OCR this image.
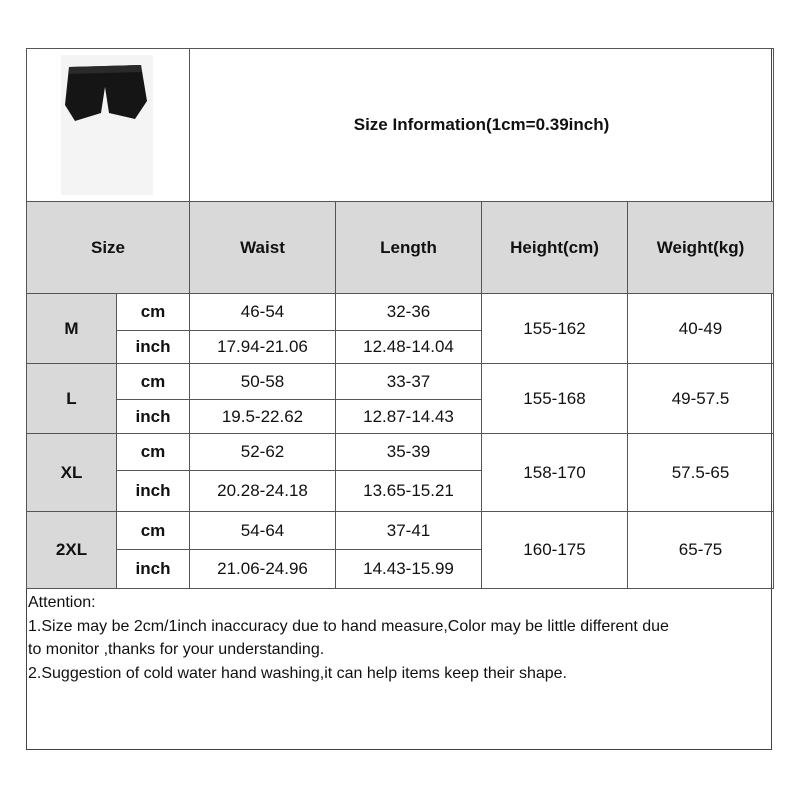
	Size Information(1cm=0.39inch)			
Size		Waist	Length	Height(cm)	Weight(kg)
M	cm	46-54	32-36	155-162	40-49
	inch	17.94-21.06	12.48-14.04		
L	cm	50-58	33-37	155-168	49-57.5
	inch	19.5-22.62	12.87-14.43		
XL	cm	52-62	35-39	158-170	57.5-65
	inch	20.28-24.18	13.65-15.21		
2XL	cm	54-64	37-41	160-175	65-75
	inch	21.06-24.96	14.43-15.99		
Attention:
1.Size may be 2cm/1inch inaccuracy due to hand measure,Color may be little different due
to monitor ,thanks for your understanding.
2.Suggestion of cold water hand washing,it can help items keep their shape.
